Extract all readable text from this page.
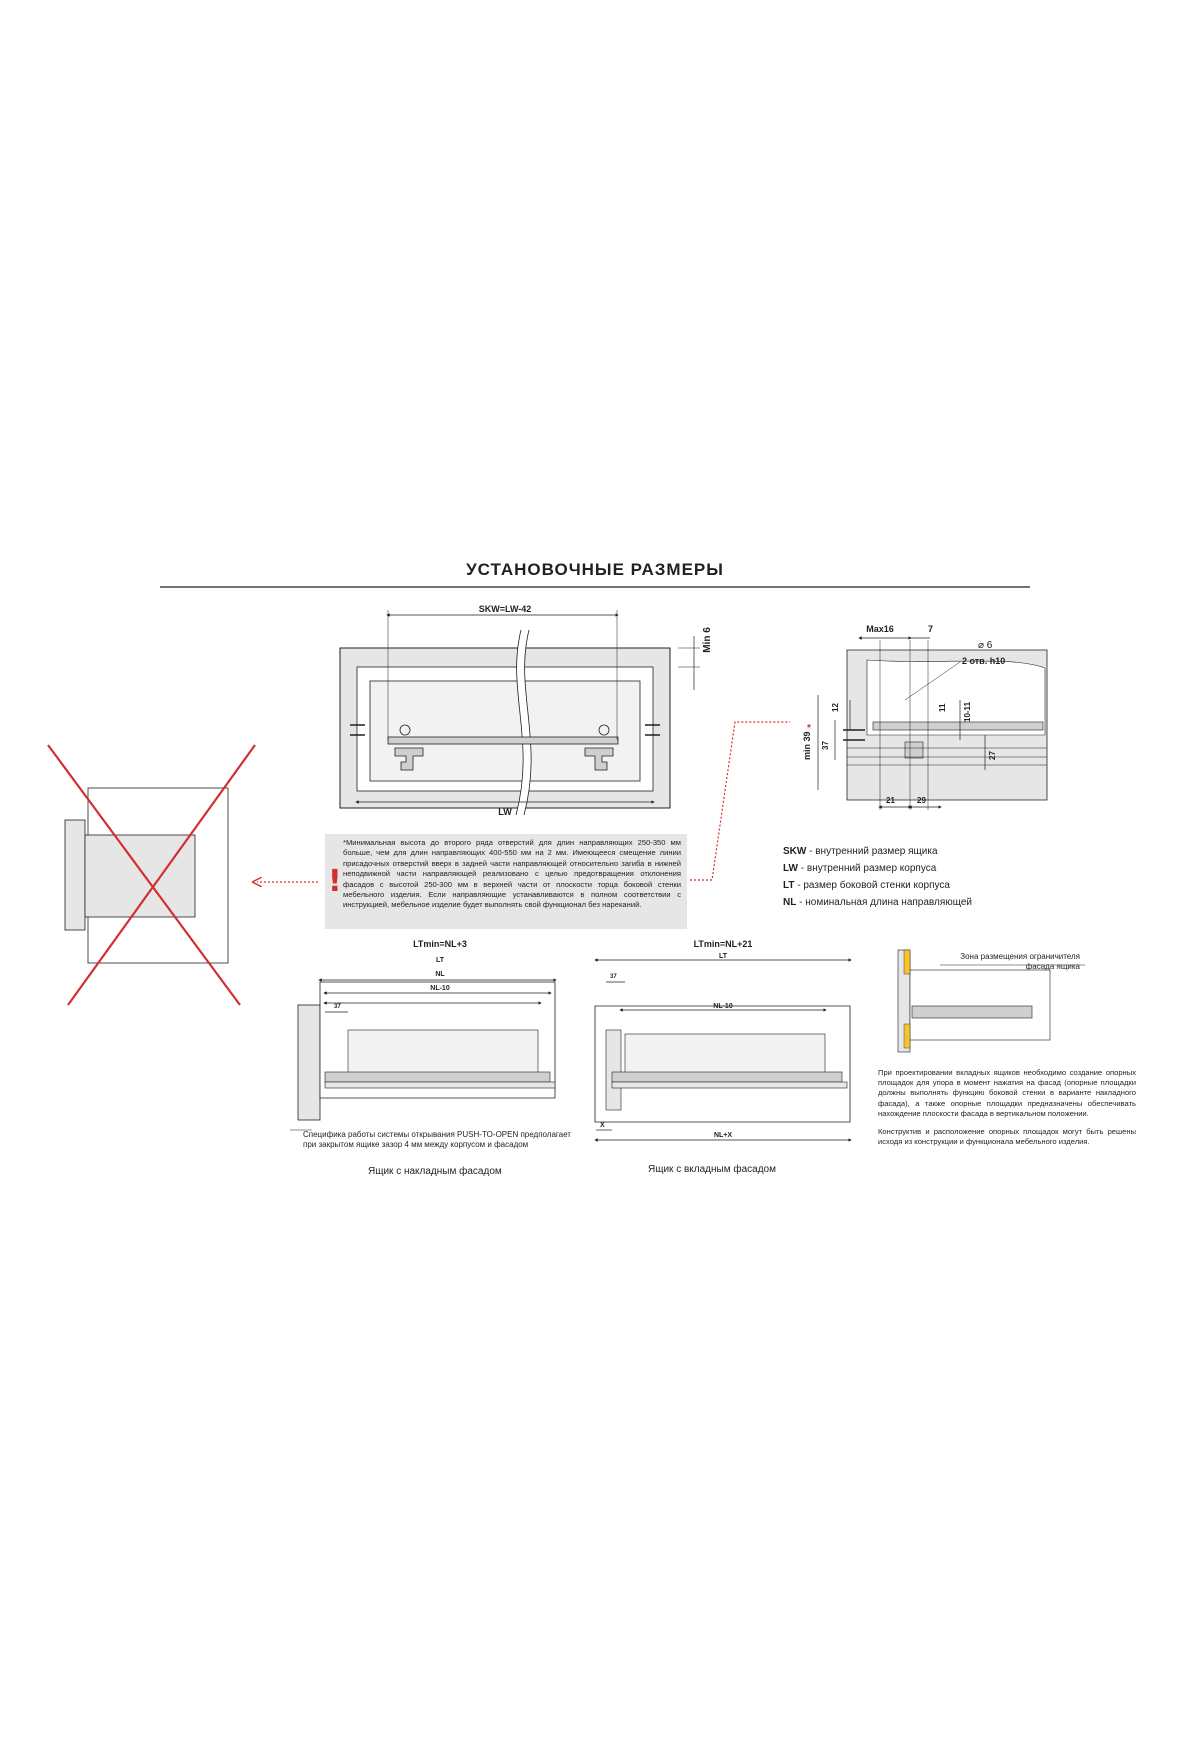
УСТАНОВОЧНЫЕ РАЗМЕРЫ
SKW=LW-42
LW
Min 6	Max16	7
⌀ 6
2 отв. h10
12	11 10-11
min 39
*
37
27
21	29
LTmin=NL+3
LT
NL
NL-10
37
LTmin=NL+21
LT
37
NL-10
X
NL+X
!
*Минимальная высота до второго ряда отверстий для длин направляющих 250-350 мм больше, чем для длин направляющих 400-550 мм на 2 мм. Имеющееся смещение линии присадочных отверстий вверх в задней части направляющей относительно загиба в нижней неподвижной части направляющей реализовано с целью предотвращения отклонения фасадов с высотой 250-300 мм в верхней части от плоскости торца боковой стенки мебельного изделия. Если направляющие устанавливаются в полном соответствии с инструкцией, мебельное изделие будет выполнять свой функционал без нареканий.
SKW - внутренний размер ящика
LW - внутренний размер корпуса
LT - размер боковой стенки корпуса
NL - номинальная длина направляющей
Специфика работы системы открывания PUSH-TO-OPEN предполагает при закрытом ящике зазор 4 мм между корпусом и фасадом
Ящик с накладным фасадом	Ящик с вкладным фасадом
Зона размещения ограничителя фасада ящика

При проектировании вкладных ящиков необходимо создание опорных площадок для упора в момент нажатия на фасад (опорные площадки должны выполнять функцию боковой стенки в варианте накладного фасада), а также опорные площадки предназначены обеспечивать нахождение плоскости фасада в вертикальном положении.

Конструктив и расположение опорных площадок могут быть решены исходя из конструкции и функционала мебельного изделия.
